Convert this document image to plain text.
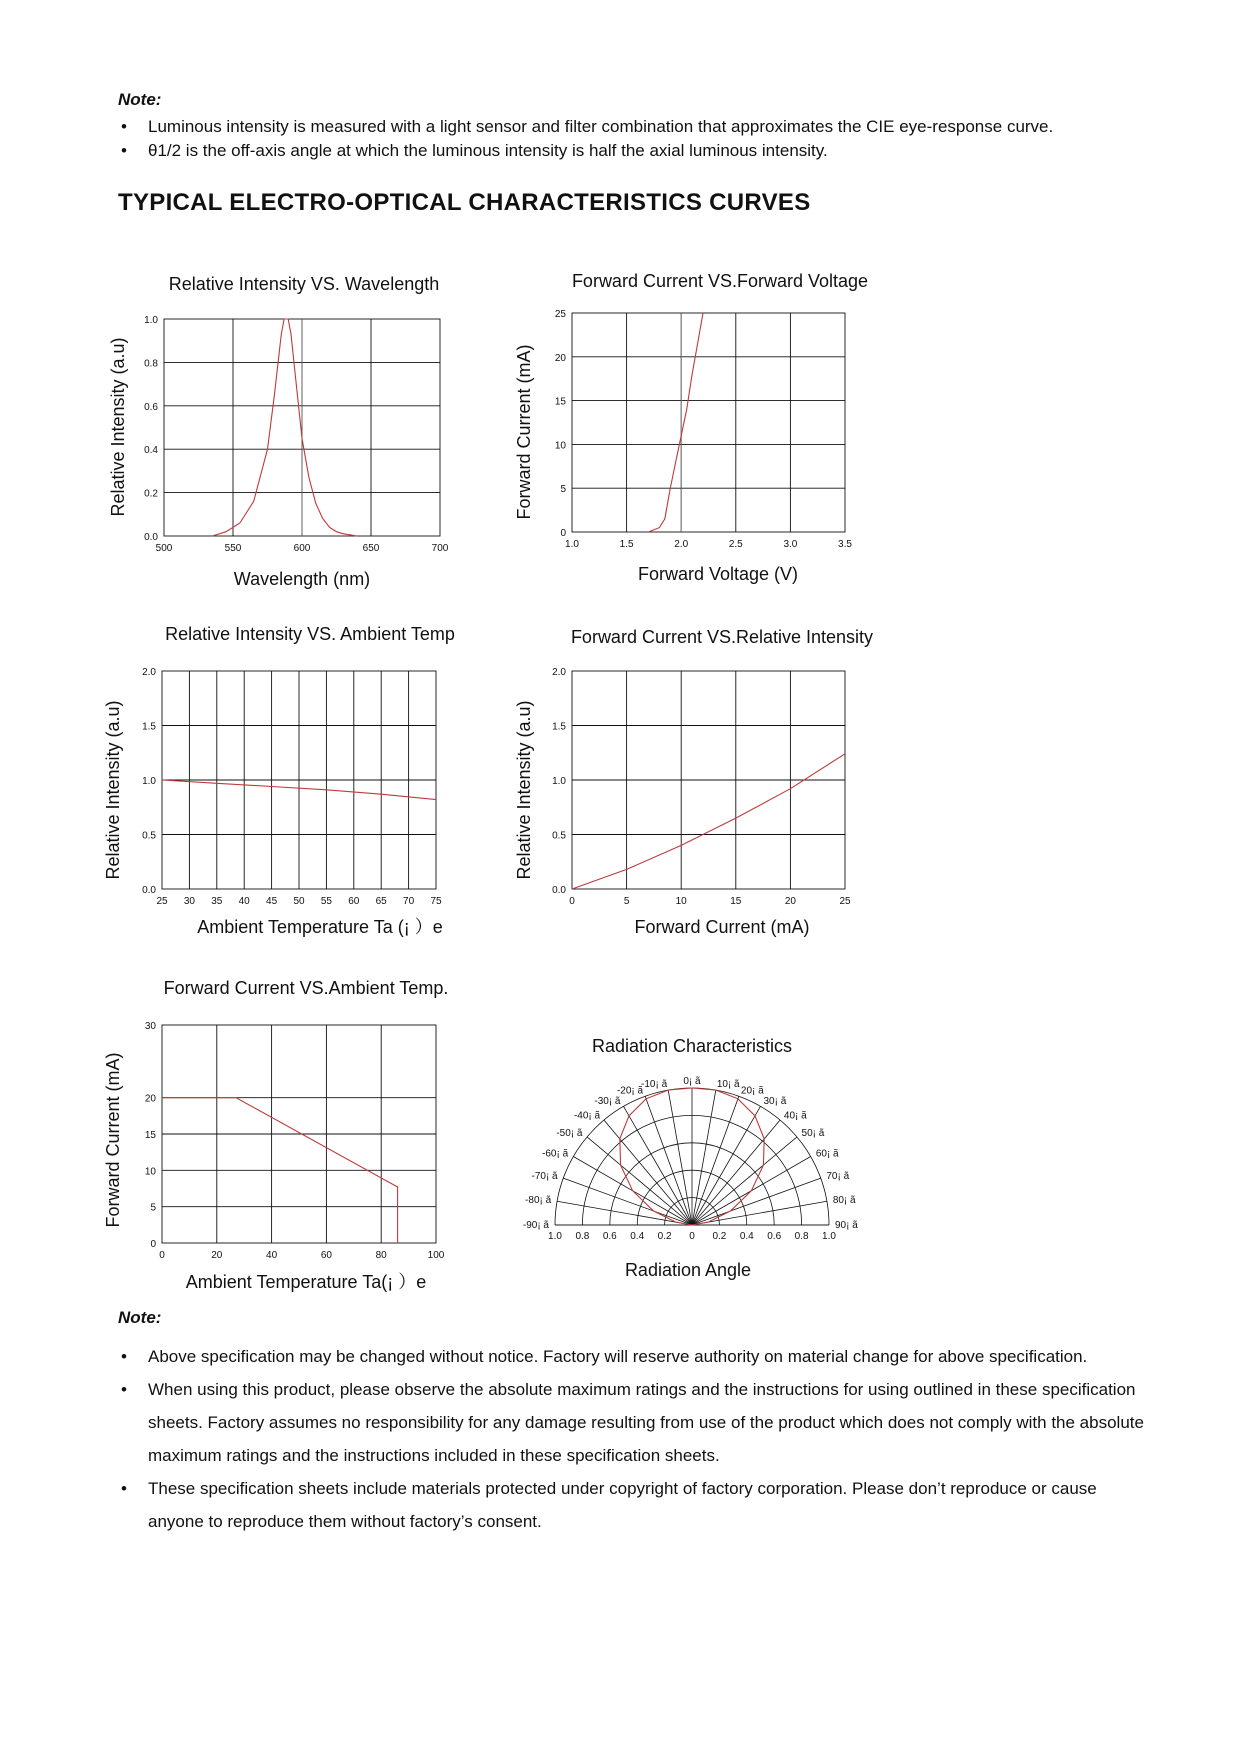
Note:
• Luminous intensity is measured with a light sensor and filter combination that approximates the CIE eye-response curve.
• θ1/2 is the off-axis angle at which the luminous intensity is half the axial luminous intensity.
TYPICAL ELECTRO-OPTICAL CHARACTERISTICS CURVES
500	550	600	650	700
0.0
0.2
0.4
0.6
0.8
1.0
Relative Intensity VS. Wavelength
Wavelength (nm)
Relative Intensity (a.u)
1.0	1.5	2.0	2.5	3.0	3.5
0
5
10
15
20
25
Forward Current VS.Forward Voltage
Forward Voltage (V)
Forward Current (mA)
25 30 35 40 45 50 55 60 65 70 75
0.0
0.5
1.0
1.5
2.0
Relative Intensity VS. Ambient Temp
Ambient Temperature Ta (¡ ）e
Relative Intensity (a.u)
0	5	10	15	20	25
0.0
0.5
1.0
1.5
2.0
Forward Current VS.Relative Intensity
Forward Current (mA)
Relative Intensity (a.u)
0	20	40	60	80	100
0
5
10
15
20
30
Forward Current VS.Ambient Temp.
Ambient Temperature Ta(¡ ）e
Forward Current (mA)	-10¡ ã
-20¡ ã
-30¡ ã
-40¡ ã
-50¡ ã
-60¡ ã
-70¡ ã
-80¡ ã
-90¡ ã
0¡ ã 10¡ ã
20¡ ã
30¡ ã
40¡ ã
50¡ ã
60¡ ã
70¡ ã
80¡ ã
90¡ ã
1.0 0.8 0.6 0.4 0.2 0 0.2 0.4 0.6 0.8 1.0
Radiation Characteristics
Radiation Angle
Note:
• Above specification may be changed without notice. Factory will reserve authority on material change for above specification.
• When using this product, please observe the absolute maximum ratings and the instructions for using outlined in these specification sheets. Factory assumes no responsibility for any damage resulting from use of the product which does not comply with the absolute maximum ratings and the instructions included in these specification sheets.
• These specification sheets include materials protected under copyright of factory corporation. Please don’t reproduce or cause anyone to reproduce them without factory’s consent.
